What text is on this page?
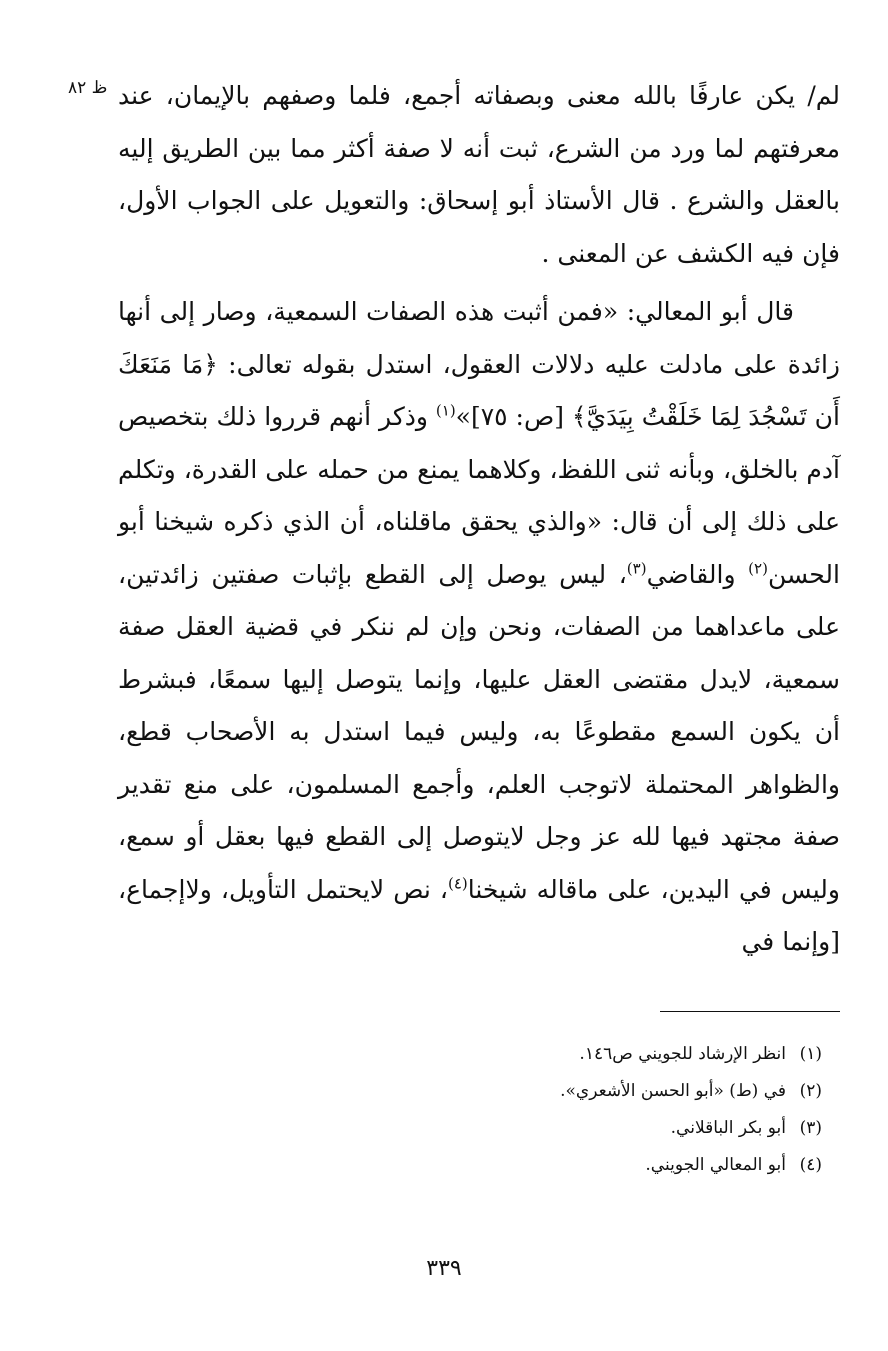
ظ ٨٢ لم/ يكن عارفًا بالله معنى وبصفاته أجمع، فلما وصفهم بالإيمان، عند معرفتهم لما ورد من الشرع، ثبت أنه لا صفة أكثر مما بين الطريق إليه بالعقل والشرع . قال الأستاذ أبو إسحاق: والتعويل على الجواب الأول، فإن فيه الكشف عن المعنى .

قال أبو المعالي: «فمن أثبت هذه الصفات السمعية، وصار إلى أنها زائدة على مادلت عليه دلالات العقول، استدل بقوله تعالى: ﴿مَا مَنَعَكَ أَن تَسْجُدَ لِمَا خَلَقْتُ بِيَدَيَّ﴾ [ص: ٧٥]»$^{(١)}$ وذكر أنهم قرروا ذلك بتخصيص آدم بالخلق، وبأنه ثنى اللفظ، وكلاهما يمنع من حمله على القدرة، وتكلم على ذلك إلى أن قال: «والذي يحقق ماقلناه، أن الذي ذكره شيخنا أبو الحسن$^{(٢)}$ والقاضي$^{(٣)}$، ليس يوصل إلى القطع بإثبات صفتين زائدتين، على ماعداهما من الصفات، ونحن وإن لم ننكر في قضية العقل صفة سمعية، لايدل مقتضى العقل عليها، وإنما يتوصل إليها سمعًا، فبشرط أن يكون السمع مقطوعًا به، وليس فيما استدل به الأصحاب قطع، والظواهر المحتملة لاتوجب العلم، وأجمع المسلمون، على منع تقدير صفة مجتهد فيها لله عز وجل لايتوصل إلى القطع فيها بعقل أو سمع، وليس في اليدين، على ماقاله شيخنا$^{(٤)}$، نص لايحتمل التأويل، ولاإجماع، [وإنما في

(١)انظر الإرشاد للجويني ص١٤٦.
(٢)في (ط) «أبو الحسن الأشعري».
(٣)أبو بكر الباقلاني.
(٤)أبو المعالي الجويني.
٣٣٩
